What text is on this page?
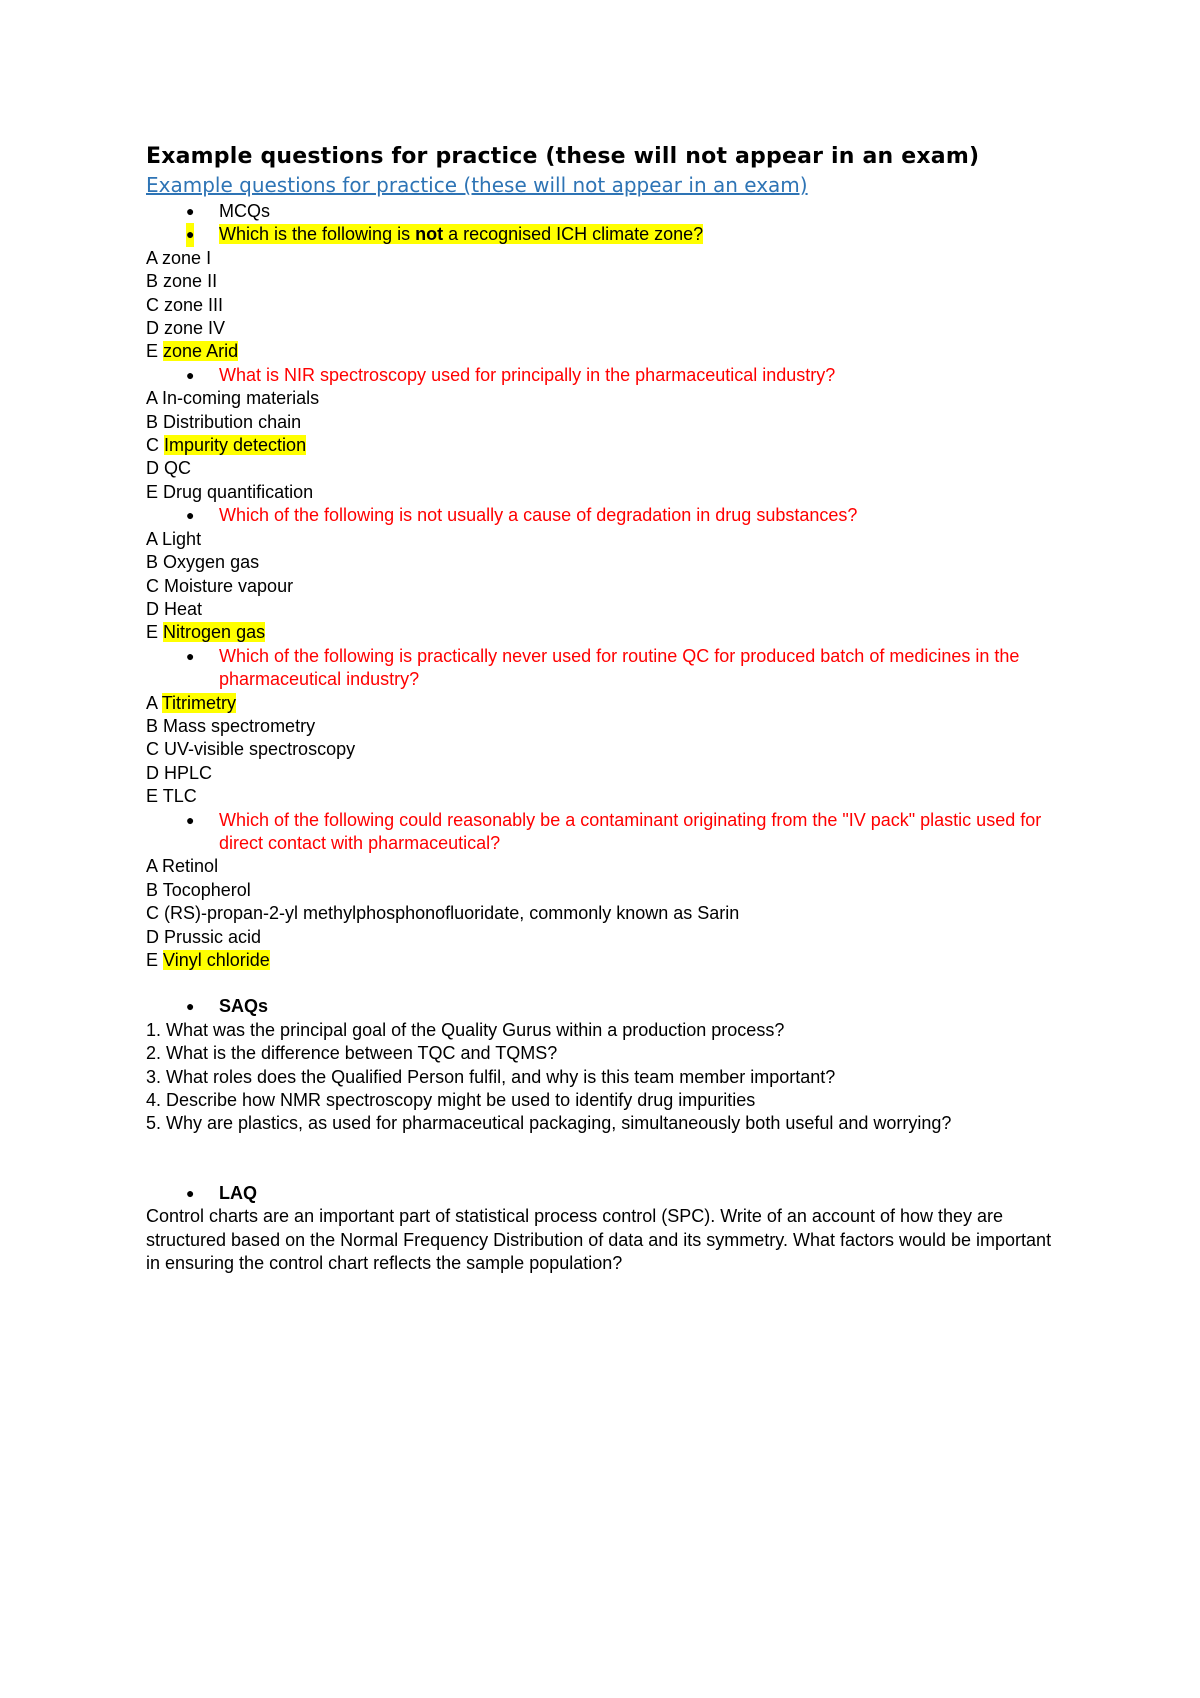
Example questions for practice (these will not appear in an exam)
Example questions for practice (these will not appear in an exam)
● MCQs
● Which is the following is not a recognised ICH climate zone?
A zone I
B zone II
C zone III
D zone IV
E zone Arid
● What is NIR spectroscopy used for principally in the pharmaceutical industry?
A In-coming materials
B Distribution chain
C Impurity detection
D QC
E Drug quantification
● Which of the following is not usually a cause of degradation in drug substances?
A Light
B Oxygen gas
C Moisture vapour
D Heat
E Nitrogen gas
● Which of the following is practically never used for routine QC for produced batch of medicines in the pharmaceutical industry?
A Titrimetry
B Mass spectrometry
C UV-visible spectroscopy
D HPLC
E TLC
● Which of the following could reasonably be a contaminant originating from the "IV pack" plastic used for direct contact with pharmaceutical?
A Retinol
B Tocopherol
C (RS)-propan-2-yl methylphosphonofluoridate, commonly known as Sarin
D Prussic acid
E Vinyl chloride
● SAQs
1. What was the principal goal of the Quality Gurus within a production process?
2. What is the difference between TQC and TQMS?
3. What roles does the Qualified Person fulfil, and why is this team member important?
4. Describe how NMR spectroscopy might be used to identify drug impurities
5. Why are plastics, as used for pharmaceutical packaging, simultaneously both useful and worrying?
● LAQ
Control charts are an important part of statistical process control (SPC). Write of an account of how they are structured based on the Normal Frequency Distribution of data and its symmetry. What factors would be important in ensuring the control chart reflects the sample population?
